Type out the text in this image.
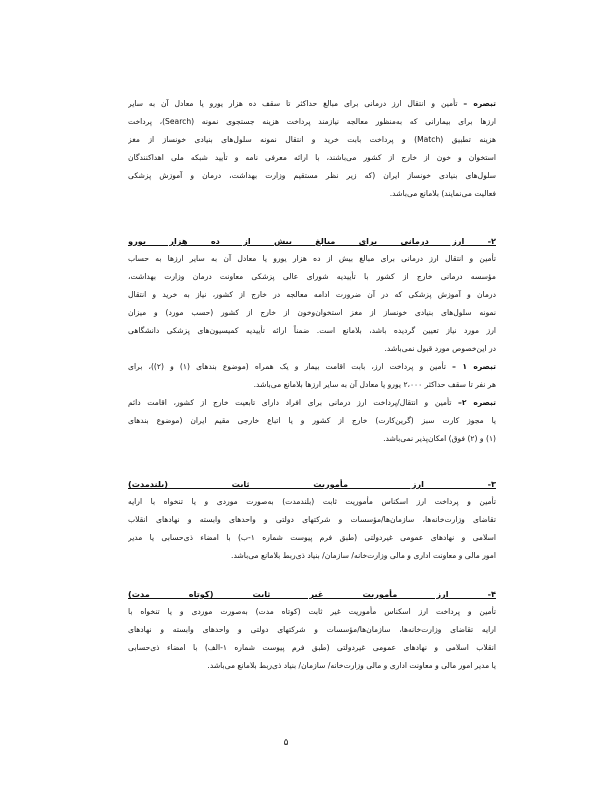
تبصره – تأمین و انتقال ارز درمانی برای مبالغ حداکثر تا سقف ده هزار یورو یا معادل آن به سایر
ارزها برای بیمارانی که به‌منظور معالجه نیازمند پرداخت هزینه جستجوی نمونه (Search)، پرداخت
هزینه تطبیق (Match) و پرداخت بابت خرید و انتقال نمونه سلول‌های بنیادی خونساز از مغز
استخوان و خون از خارج از کشور می‌باشند، با ارائه معرفی نامه و تأیید شبکه ملی اهداکنندگان
سلول‌های بنیادی خونساز ایران (که زیر نظر مستقیم وزارت بهداشت، درمان و آموزش پزشکی
فعالیت می‌نمایند) بلامانع می‌باشد.
۲- ارز درمانی برای مبالغ بیش از ده هزار یورو
تأمین و انتقال ارز درمانی برای مبالغ بیش از ده هزار یورو یا معادل آن به سایر ارزها به حساب
مؤسسه درمانی خارج از کشور با تأییدیه شورای عالی پزشکی معاونت درمان وزارت بهداشت،
درمان و آموزش پزشکی که در آن ضرورت ادامه معالجه در خارج از کشور، نیاز به خرید و انتقال
نمونه سلول‌های بنیادی خونساز از مغز استخوان‌وخون از خارج از کشور (حسب مورد) و میزان
ارز مورد نیاز تعیین گردیده باشد، بلامانع است. ضمناً ارائه تأییدیه کمیسیون‌های پزشکی دانشگاهی
در این‌خصوص مورد قبول نمی‌باشد.
تبصره ۱ – تأمین و پرداخت ارز، بابت اقامت بیمار و یک همراه (موضوع بندهای (۱) و (۲))، برای
هر نفر تا سقف حداکثر ۲،۰۰۰ یورو یا معادل آن به سایر ارزها بلامانع می‌باشد.
تبصره ۲– تأمین و انتقال/پرداخت ارز درمانی برای افراد دارای تابعیت خارج از کشور، اقامت دائم
یا مجوز کارت سبز (گرین‌کارت) خارج از کشور و یا اتباع خارجی مقیم ایران (موضوع بندهای
(۱) و (۲) فوق) امکان‌پذیر نمی‌باشد.
۳- ارز مأموریت ثابت (بلندمدت)
تأمین و پرداخت ارز اسکناس مأموریت ثابت (بلندمدت) به‌صورت موردی و یا تنخواه با ارایه
تقاضای وزارت‌خانه‌ها، سازمان‌ها/مؤسسات و شرکتهای دولتی و واحدهای وابسته و نهادهای انقلاب
اسلامی و نهادهای عمومی غیردولتی (طبق فرم پیوست شماره ۱-ب) با امضاء ذی‌حسابی یا مدیر
امور مالی و معاونت اداری و مالی وزارت‌خانه/ سازمان/ بنیاد ذی‌ربط بلامانع می‌باشد.
۴- ارز مأموریت غیر ثابت (کوتاه مدت)
تأمین و پرداخت ارز اسکناس مأموریت غیر ثابت (کوتاه مدت) به‌صورت موردی و یا تنخواه با
ارایه تقاضای وزارت‌خانه‌ها، سازمان‌ها/مؤسسات و شرکتهای دولتی و واحدهای وابسته و نهادهای
انقلاب اسلامی و نهادهای عمومی غیردولتی (طبق فرم پیوست شماره ۱-الف) با امضاء ذی‌حسابی
یا مدیر امور مالی و معاونت اداری و مالی وزارت‌خانه/ سازمان/ بنیاد ذی‌ربط بلامانع می‌باشد.
۵
